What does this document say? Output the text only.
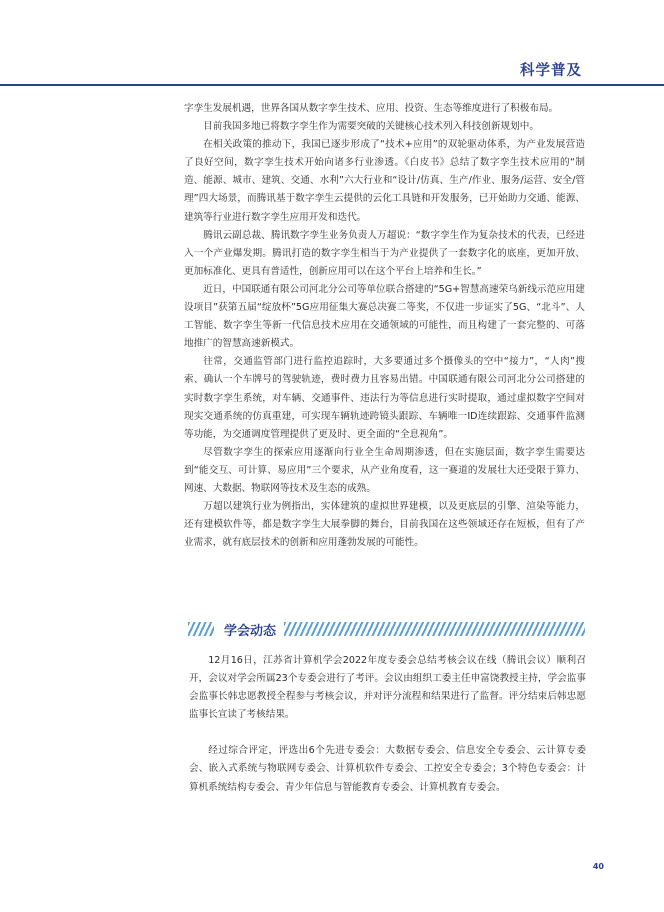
科学普及

字孪生发展机遇，世界各国从数字孪生技术、应用、投资、生态等维度进行了积极布局。

目前我国多地已将数字孪生作为需要突破的关键核心技术列入科技创新规划中。

在相关政策的推动下，我国已逐步形成了“技术+应用”的双轮驱动体系，为产业发展营造了良好空间，数字孪生技术开始向诸多行业渗透。《白皮书》总结了数字孪生技术应用的“制造、能源、城市、建筑、交通、水利”六大行业和“设计/仿真、生产/作业、服务/运营、安全/管理”四大场景，而腾讯基于数字孪生云提供的云化工具链和开发服务，已开始助力交通、能源、建筑等行业进行数字孪生应用开发和迭代。

腾讯云副总裁、腾讯数字孪生业务负责人万超说：“数字孪生作为复杂技术的代表，已经进入一个产业爆发期。腾讯打造的数字孪生相当于为产业提供了一套数字化的底座，更加开放、更加标准化、更具有普适性，创新应用可以在这个平台上培养和生长。”

近日，中国联通有限公司河北分公司等单位联合搭建的“5G+智慧高速荣乌新线示范应用建设项目”获第五届“绽放杯”5G应用征集大赛总决赛二等奖，不仅进一步证实了5G、“北斗”、人工智能、数字孪生等新一代信息技术应用在交通领域的可能性，而且构建了一套完整的、可落地推广的智慧高速新模式。

往常，交通监管部门进行监控追踪时，大多要通过多个摄像头的空中“接力”，“人肉”搜索、确认一个车牌号的驾驶轨迹，费时费力且容易出错。中国联通有限公司河北分公司搭建的实时数字孪生系统，对车辆、交通事件、违法行为等信息进行实时提取，通过虚拟数字空间对现实交通系统的仿真重建，可实现车辆轨迹跨镜头跟踪、车辆唯一ID连续跟踪、交通事件监测等功能，为交通调度管理提供了更及时、更全面的“全息视角”。

尽管数字孪生的探索应用逐渐向行业全生命周期渗透，但在实施层面，数字孪生需要达到“能交互、可计算、易应用”三个要求，从产业角度看，这一赛道的发展壮大还受限于算力、网速、大数据、物联网等技术及生态的成熟。

万超以建筑行业为例指出，实体建筑的虚拟世界建模，以及更底层的引擎、渲染等能力，还有建模软件等，都是数字孪生大展拳脚的舞台，目前我国在这些领域还存在短板，但有了产业需求，就有底层技术的创新和应用蓬勃发展的可能性。

学会动态

12月16日，江苏省计算机学会2022年度专委会总结考核会议在线（腾讯会议）顺利召开，会议对学会所属23个专委会进行了考评。会议由组织工委主任申富饶教授主持，学会监事会监事长韩忠愿教授全程参与考核会议，并对评分流程和结果进行了监督。评分结束后韩忠愿监事长宣读了考核结果。

经过综合评定，评选出6个先进专委会：大数据专委会、信息安全专委会、云计算专委会、嵌入式系统与物联网专委会、计算机软件专委会、工控安全专委会；3个特色专委会：计算机系统结构专委会、青少年信息与智能教育专委会、计算机教育专委会。

40
